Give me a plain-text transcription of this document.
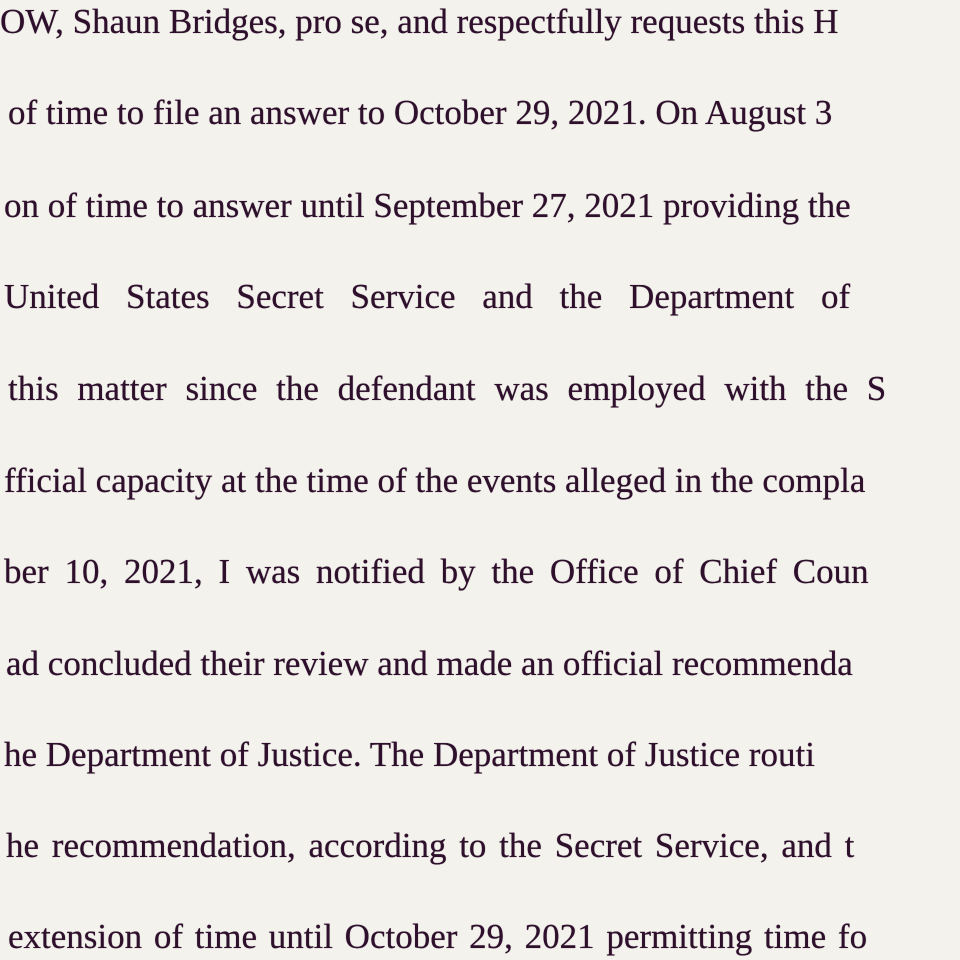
OW, Shaun Bridges, pro se, and respectfully requests this H
of time to file an answer to October 29, 2021. On August 3
on of time to answer until September 27, 2021 providing the
United States Secret Service and the Department of
this matter since the defendant was employed with the S
fficial capacity at the time of the events alleged in the compla
ber 10, 2021, I was notified by the Office of Chief Coun
ad concluded their review and made an official recommenda
he Department of Justice. The Department of Justice routi
he recommendation, according to the Secret Service, and t
extension of time until October 29, 2021 permitting time fo
